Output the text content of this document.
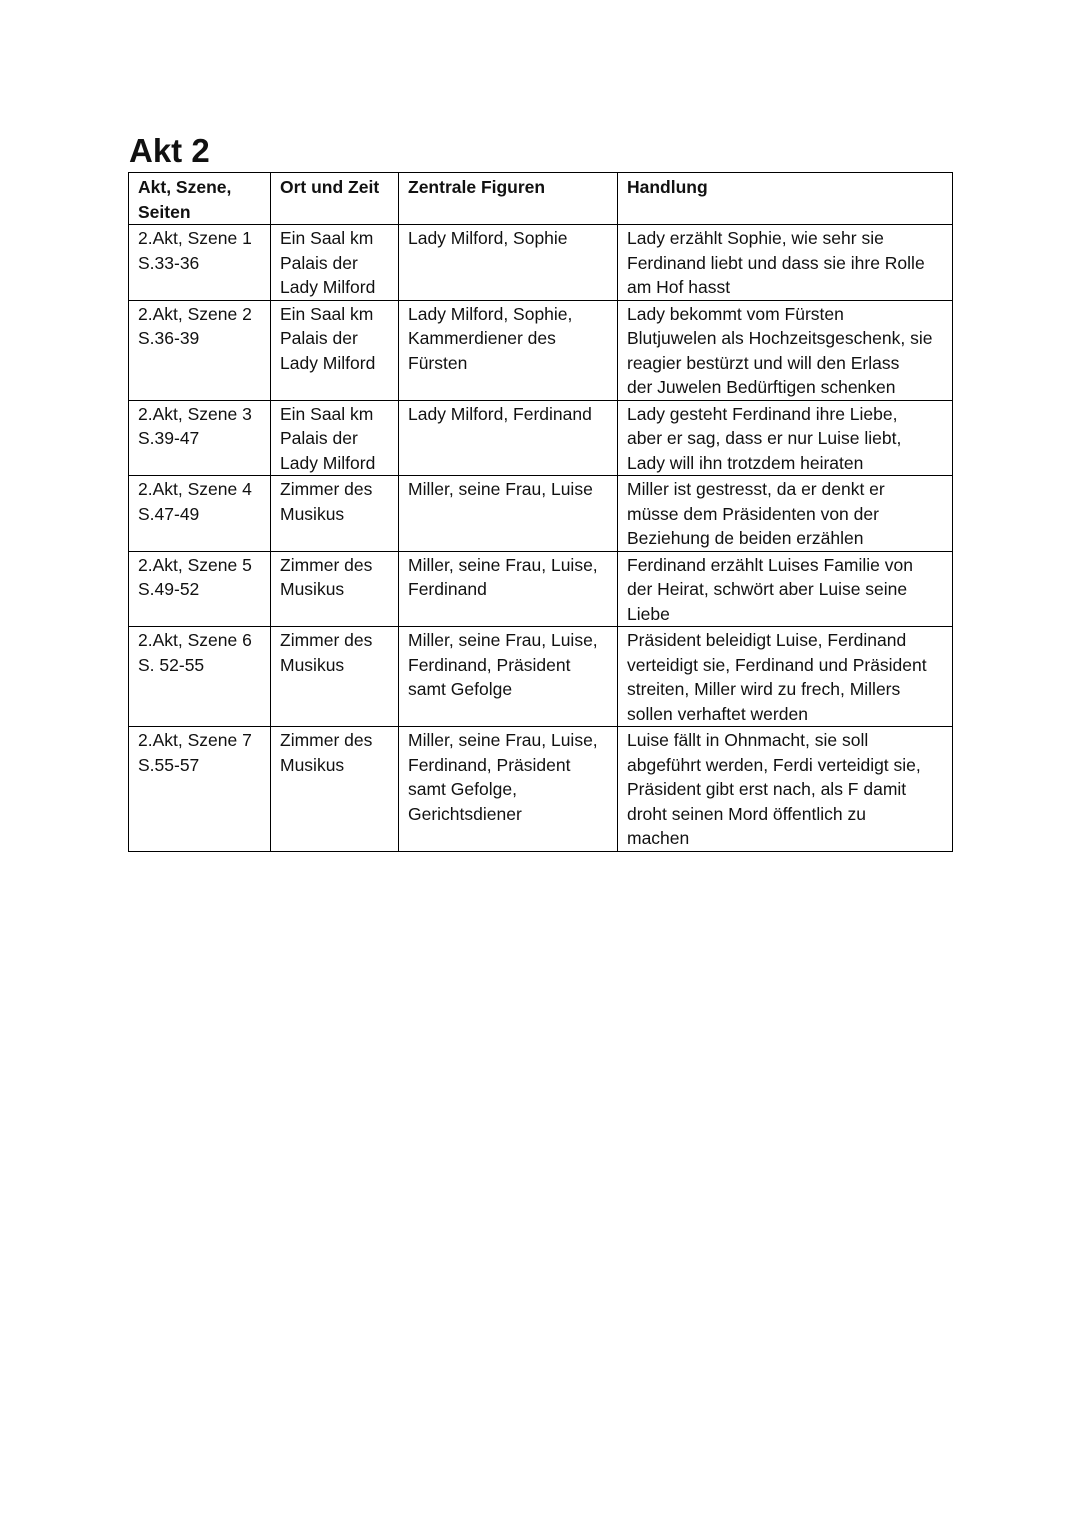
Akt 2
Akt, Szene,
Seiten	Ort und Zeit	Zentrale Figuren	Handlung

2.Akt, Szene 1
S.33-36	Ein Saal km
Palais der
Lady Milford	Lady Milford, Sophie	Lady erzählt Sophie, wie sehr sie
Ferdinand liebt und dass sie ihre Rolle
am Hof hasst

2.Akt, Szene 2
S.36-39	Ein Saal km
Palais der
Lady Milford	Lady Milford, Sophie,
Kammerdiener des
Fürsten	Lady bekommt vom Fürsten
Blutjuwelen als Hochzeitsgeschenk, sie
reagier bestürzt und will den Erlass
der Juwelen Bedürftigen schenken

2.Akt, Szene 3
S.39-47	Ein Saal km
Palais der
Lady Milford	Lady Milford, Ferdinand	Lady gesteht Ferdinand ihre Liebe,
aber er sag, dass er nur Luise liebt,
Lady will ihn trotzdem heiraten

2.Akt, Szene 4
S.47-49	Zimmer des
Musikus	Miller, seine Frau, Luise	Miller ist gestresst, da er denkt er
müsse dem Präsidenten von der
Beziehung de beiden erzählen

2.Akt, Szene 5
S.49-52	Zimmer des
Musikus	Miller, seine Frau, Luise,
Ferdinand	Ferdinand erzählt Luises Familie von
der Heirat, schwört aber Luise seine
Liebe

2.Akt, Szene 6
S. 52-55	Zimmer des
Musikus	Miller, seine Frau, Luise,
Ferdinand, Präsident
samt Gefolge	Präsident beleidigt Luise, Ferdinand
verteidigt sie, Ferdinand und Präsident
streiten, Miller wird zu frech, Millers
sollen verhaftet werden

2.Akt, Szene 7
S.55-57	Zimmer des
Musikus	Miller, seine Frau, Luise,
Ferdinand, Präsident
samt Gefolge,
Gerichtsdiener	Luise fällt in Ohnmacht, sie soll
abgeführt werden, Ferdi verteidigt sie,
Präsident gibt erst nach, als F damit
droht seinen Mord öffentlich zu
machen
